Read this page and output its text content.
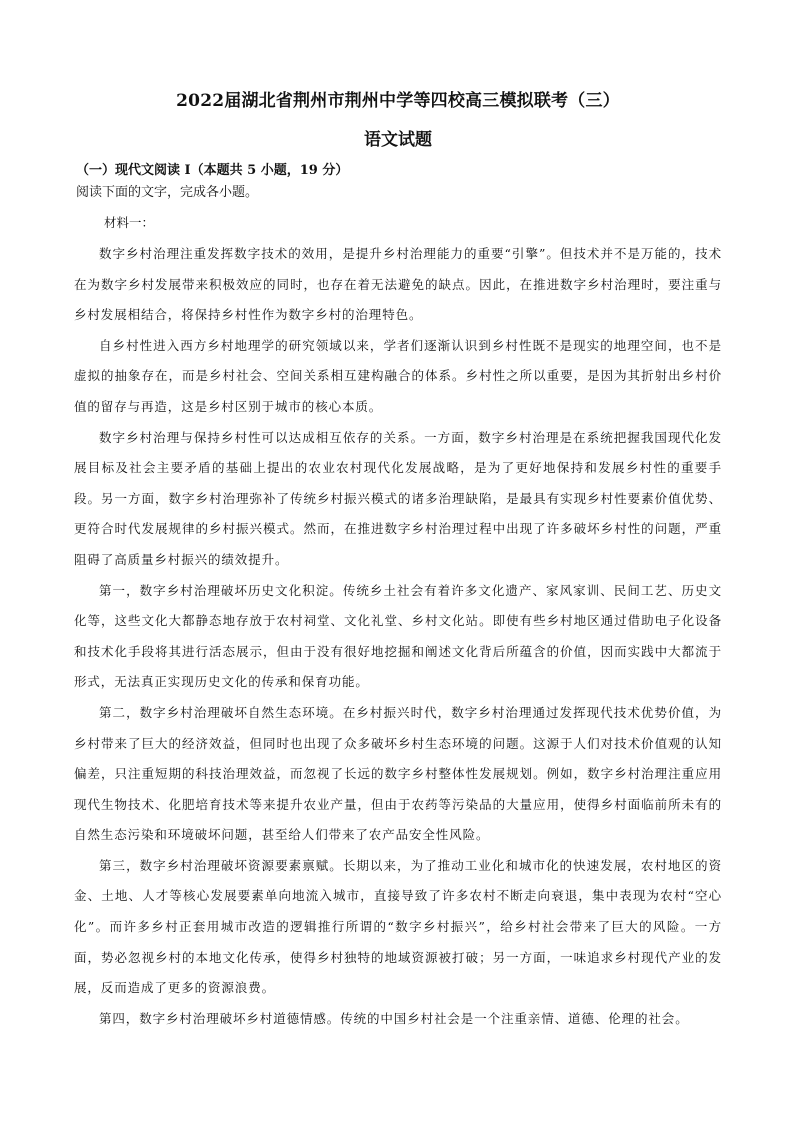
2022届湖北省荆州市荆州中学等四校高三模拟联考（三）
语文试题
（一）现代文阅读 I（本题共 5 小题，19 分）
阅读下面的文字，完成各小题。
材料一：

数字乡村治理注重发挥数字技术的效用，是提升乡村治理能力的重要“引擎”。但技术并不是万能的，技术在为数字乡村发展带来积极效应的同时，也存在着无法避免的缺点。因此，在推进数字乡村治理时，要注重与乡村发展相结合，将保持乡村性作为数字乡村的治理特色。

自乡村性进入西方乡村地理学的研究领域以来，学者们逐渐认识到乡村性既不是现实的地理空间，也不是虚拟的抽象存在，而是乡村社会、空间关系相互建构融合的体系。乡村性之所以重要，是因为其折射出乡村价值的留存与再造，这是乡村区别于城市的核心本质。

数字乡村治理与保持乡村性可以达成相互依存的关系。一方面，数字乡村治理是在系统把握我国现代化发展目标及社会主要矛盾的基础上提出的农业农村现代化发展战略，是为了更好地保持和发展乡村性的重要手段。另一方面，数字乡村治理弥补了传统乡村振兴模式的诸多治理缺陷，是最具有实现乡村性要素价值优势、更符合时代发展规律的乡村振兴模式。然而，在推进数字乡村治理过程中出现了许多破坏乡村性的问题，严重阻碍了高质量乡村振兴的绩效提升。

第一，数字乡村治理破坏历史文化积淀。传统乡土社会有着许多文化遗产、家风家训、民间工艺、历史文化等，这些文化大都静态地存放于农村祠堂、文化礼堂、乡村文化站。即使有些乡村地区通过借助电子化设备和技术化手段将其进行活态展示，但由于没有很好地挖掘和阐述文化背后所蕴含的价值，因而实践中大都流于形式，无法真正实现历史文化的传承和保育功能。

第二，数字乡村治理破坏自然生态环境。在乡村振兴时代，数字乡村治理通过发挥现代技术优势价值，为乡村带来了巨大的经济效益，但同时也出现了众多破坏乡村生态环境的问题。这源于人们对技术价值观的认知偏差，只注重短期的科技治理效益，而忽视了长远的数字乡村整体性发展规划。例如，数字乡村治理注重应用现代生物技术、化肥培育技术等来提升农业产量，但由于农药等污染品的大量应用，使得乡村面临前所未有的自然生态污染和环境破坏问题，甚至给人们带来了农产品安全性风险。

第三，数字乡村治理破坏资源要素禀赋。长期以来，为了推动工业化和城市化的快速发展，农村地区的资金、土地、人才等核心发展要素单向地流入城市，直接导致了许多农村不断走向衰退，集中表现为农村“空心化”。而许多乡村正套用城市改造的逻辑推行所谓的“数字乡村振兴”，给乡村社会带来了巨大的风险。一方面，势必忽视乡村的本地文化传承，使得乡村独特的地域资源被打破；另一方面，一味追求乡村现代产业的发展，反而造成了更多的资源浪费。

第四，数字乡村治理破坏乡村道德情感。传统的中国乡村社会是一个注重亲情、道德、伦理的社会。
